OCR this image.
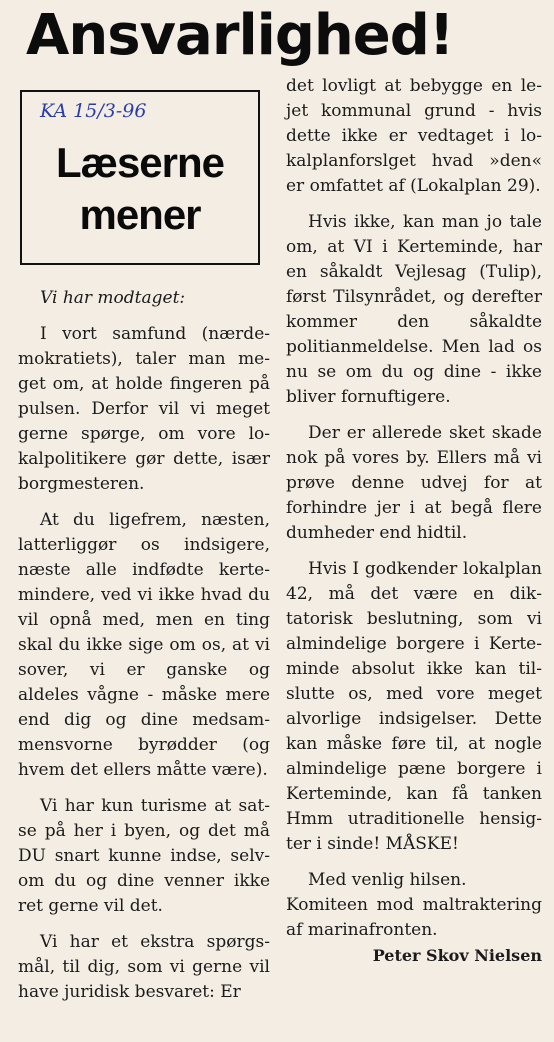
Ansvarlighed!
KA 15/3-96
Læserne
mener

Vi har modtaget:

I vort samfund (nærdemokratiets), taler man meget om, at holde fingeren på pulsen. Derfor vil vi meget gerne spørge, om vore lokalpolitikere gør dette, især borgmesteren.

At du ligefrem, næsten, latterliggør os indsigere, næste alle indfødte kertemindere, ved vi ikke hvad du vil opnå med, men en ting skal du ikke sige om os, at vi sover, vi er ganske og aldeles vågne - måske mere end dig og dine medsammensvorne byrødder (og hvem det ellers måtte være).

Vi har kun turisme at satse på her i byen, og det må DU snart kunne indse, selvom du og dine venner ikke ret gerne vil det.

Vi har et ekstra spørgsmål, til dig, som vi gerne vil have juridisk besvaret: Er

det lovligt at bebygge en lejet kommunal grund - hvis dette ikke er vedtaget i lokalplanforslget hvad »den« er omfattet af (Lokalplan 29).

Hvis ikke, kan man jo tale om, at VI i Kerteminde, har en såkaldt Vejlesag (Tulip), først Tilsynrådet, og derefter kommer den såkaldte politianmeldelse. Men lad os nu se om du og dine - ikke bliver fornuftigere.

Der er allerede sket skade nok på vores by. Ellers må vi prøve denne udvej for at forhindre jer i at begå flere dumheder end hidtil.

Hvis I godkender lokalplan 42, må det være en diktatorisk beslutning, som vi almindelige borgere i Kerteminde absolut ikke kan tilslutte os, med vore meget alvorlige indsigelser. Dette kan måske føre til, at nogle almindelige pæne borgere i Kerteminde, kan få tanken Hmm utraditionelle hensigter i sinde! MÅSKE!

Med venlig hilsen.

Komiteen mod maltraktering af marinafronten.

Peter Skov Nielsen
